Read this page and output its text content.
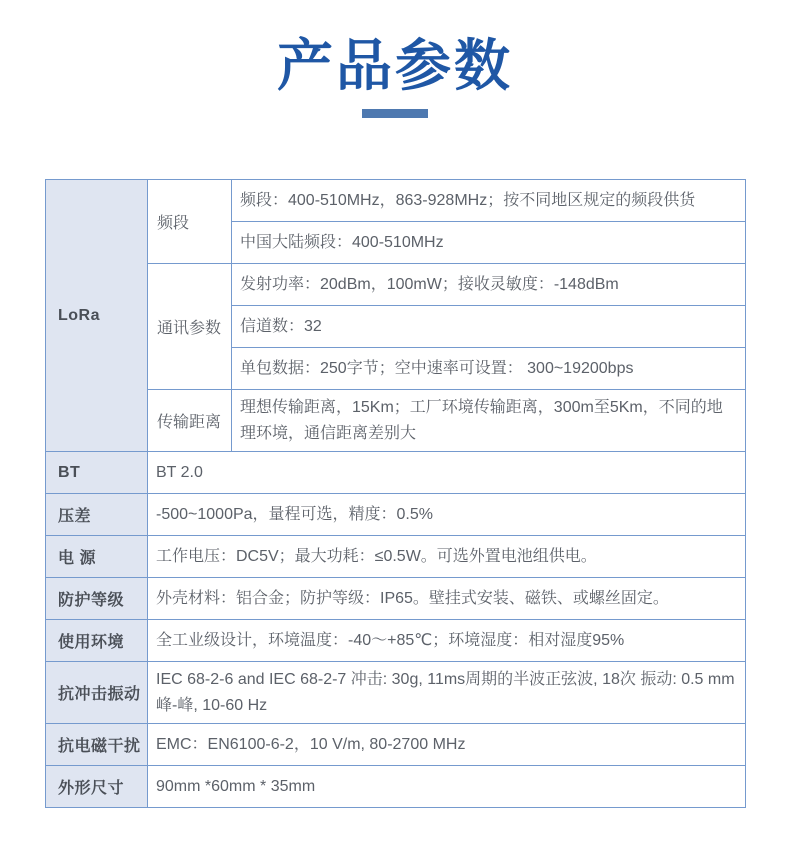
产品参数
LoRa	频段	频段：400-510MHz，863-928MHz；按不同地区规定的频段供货
		中国大陆频段：400-510MHz
	通讯参数	发射功率：20dBm，100mW；接收灵敏度：-148dBm
		信道数：32
		单包数据：250字节；空中速率可设置： 300~19200bps
	传输距离	理想传输距离，15Km；工厂环境传输距离，300m至5Km，不同的地理环境，通信距离差别大
BT	BT 2.0	
压差	-500~1000Pa，量程可选，精度：0.5%	
电 源	工作电压：DC5V；最大功耗：≤0.5W。可选外置电池组供电。	
防护等级	外壳材料：铝合金；防护等级：IP65。壁挂式安装、磁铁、或螺丝固定。	
使用环境	全工业级设计，环境温度：-40～+85℃；环境湿度：相对湿度95%	
抗冲击振动	IEC 68-2-6 and IEC 68-2-7 冲击: 30g, 11ms周期的半波正弦波, 18次 振动: 0.5 mm 峰-峰, 10-60 Hz	
抗电磁干扰	EMC：EN6100-6-2，10 V/m, 80-2700 MHz	
外形尺寸	90mm *60mm * 35mm	
